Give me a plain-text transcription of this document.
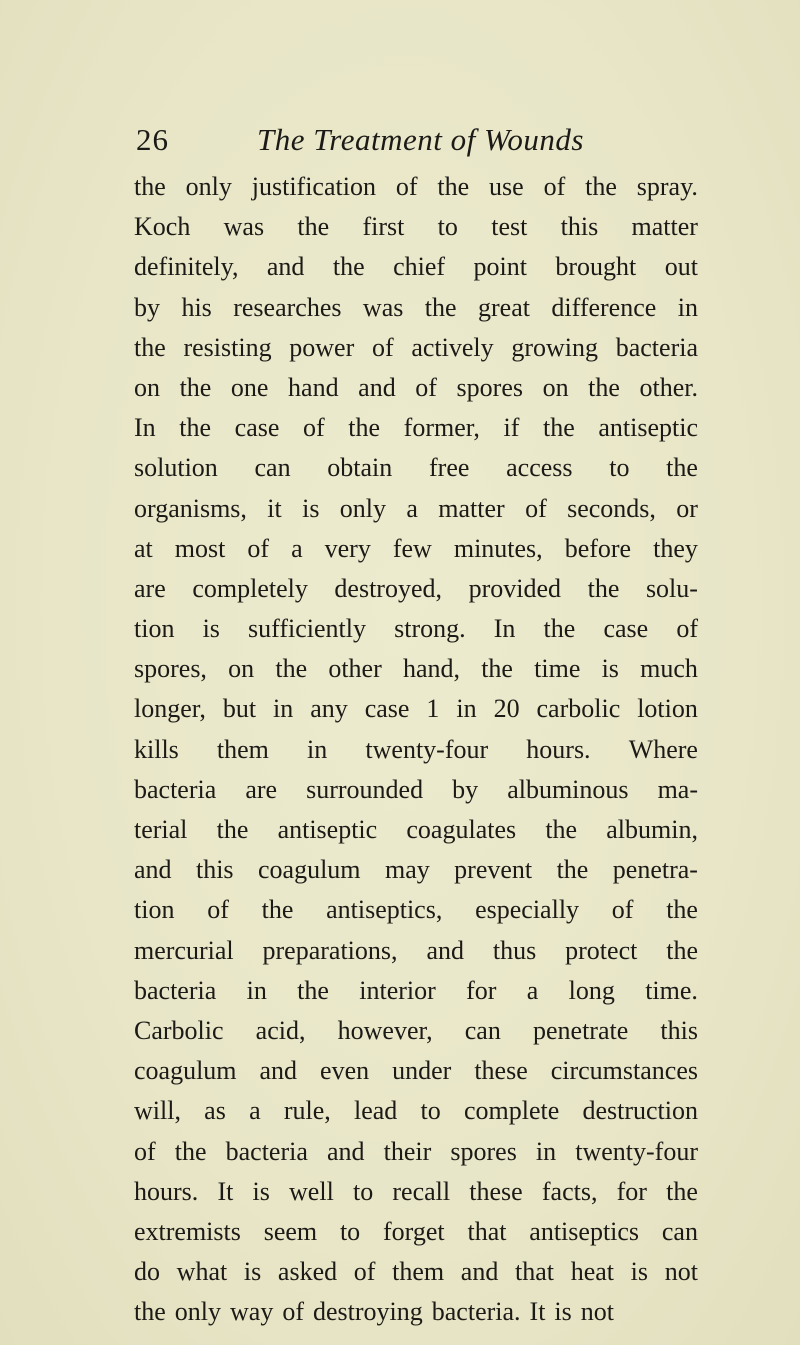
26	The Treatment of Wounds
the only justification of the use of the spray.
Koch was the first to test this matter
definitely, and the chief point brought out
by his researches was the great difference in
the resisting power of actively growing bacteria
on the one hand and of spores on the other.
In the case of the former, if the antiseptic
solution can obtain free access to the
organisms, it is only a matter of seconds, or
at most of a very few minutes, before they
are completely destroyed, provided the solu-
tion is sufficiently strong. In the case of
spores, on the other hand, the time is much
longer, but in any case 1 in 20 carbolic lotion
kills them in twenty-four hours. Where
bacteria are surrounded by albuminous ma-
terial the antiseptic coagulates the albumin,
and this coagulum may prevent the penetra-
tion of the antiseptics, especially of the
mercurial preparations, and thus protect the
bacteria in the interior for a long time.
Carbolic acid, however, can penetrate this
coagulum and even under these circumstances
will, as a rule, lead to complete destruction
of the bacteria and their spores in twenty-four
hours. It is well to recall these facts, for the
extremists seem to forget that antiseptics can
do what is asked of them and that heat is not
the only way of destroying bacteria. It is not
